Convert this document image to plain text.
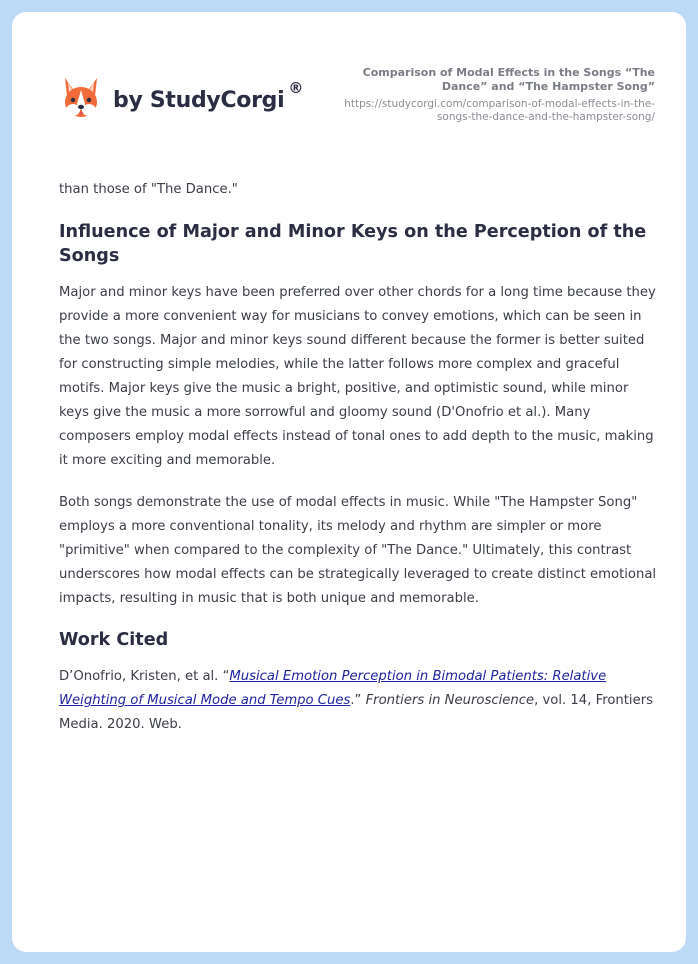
by StudyCorgi ®
Comparison of Modal Effects in the Songs “The Dance” and “The Hampster Song”
https://studycorgi.com/comparison-of-modal-effects-in-the-songs-the-dance-and-the-hampster-song/

than those of "The Dance."

Influence of Major and Minor Keys on the Perception of the Songs

Major and minor keys have been preferred over other chords for a long time because they provide a more convenient way for musicians to convey emotions, which can be seen in the two songs. Major and minor keys sound different because the former is better suited for constructing simple melodies, while the latter follows more complex and graceful motifs. Major keys give the music a bright, positive, and optimistic sound, while minor keys give the music a more sorrowful and gloomy sound (D'Onofrio et al.). Many composers employ modal effects instead of tonal ones to add depth to the music, making it more exciting and memorable.

Both songs demonstrate the use of modal effects in music. While "The Hampster Song" employs a more conventional tonality, its melody and rhythm are simpler or more "primitive" when compared to the complexity of "The Dance." Ultimately, this contrast underscores how modal effects can be strategically leveraged to create distinct emotional impacts, resulting in music that is both unique and memorable.

Work Cited

D’Onofrio, Kristen, et al. “Musical Emotion Perception in Bimodal Patients: Relative Weighting of Musical Mode and Tempo Cues.” Frontiers in Neuroscience, vol. 14, Frontiers Media. 2020. Web.
